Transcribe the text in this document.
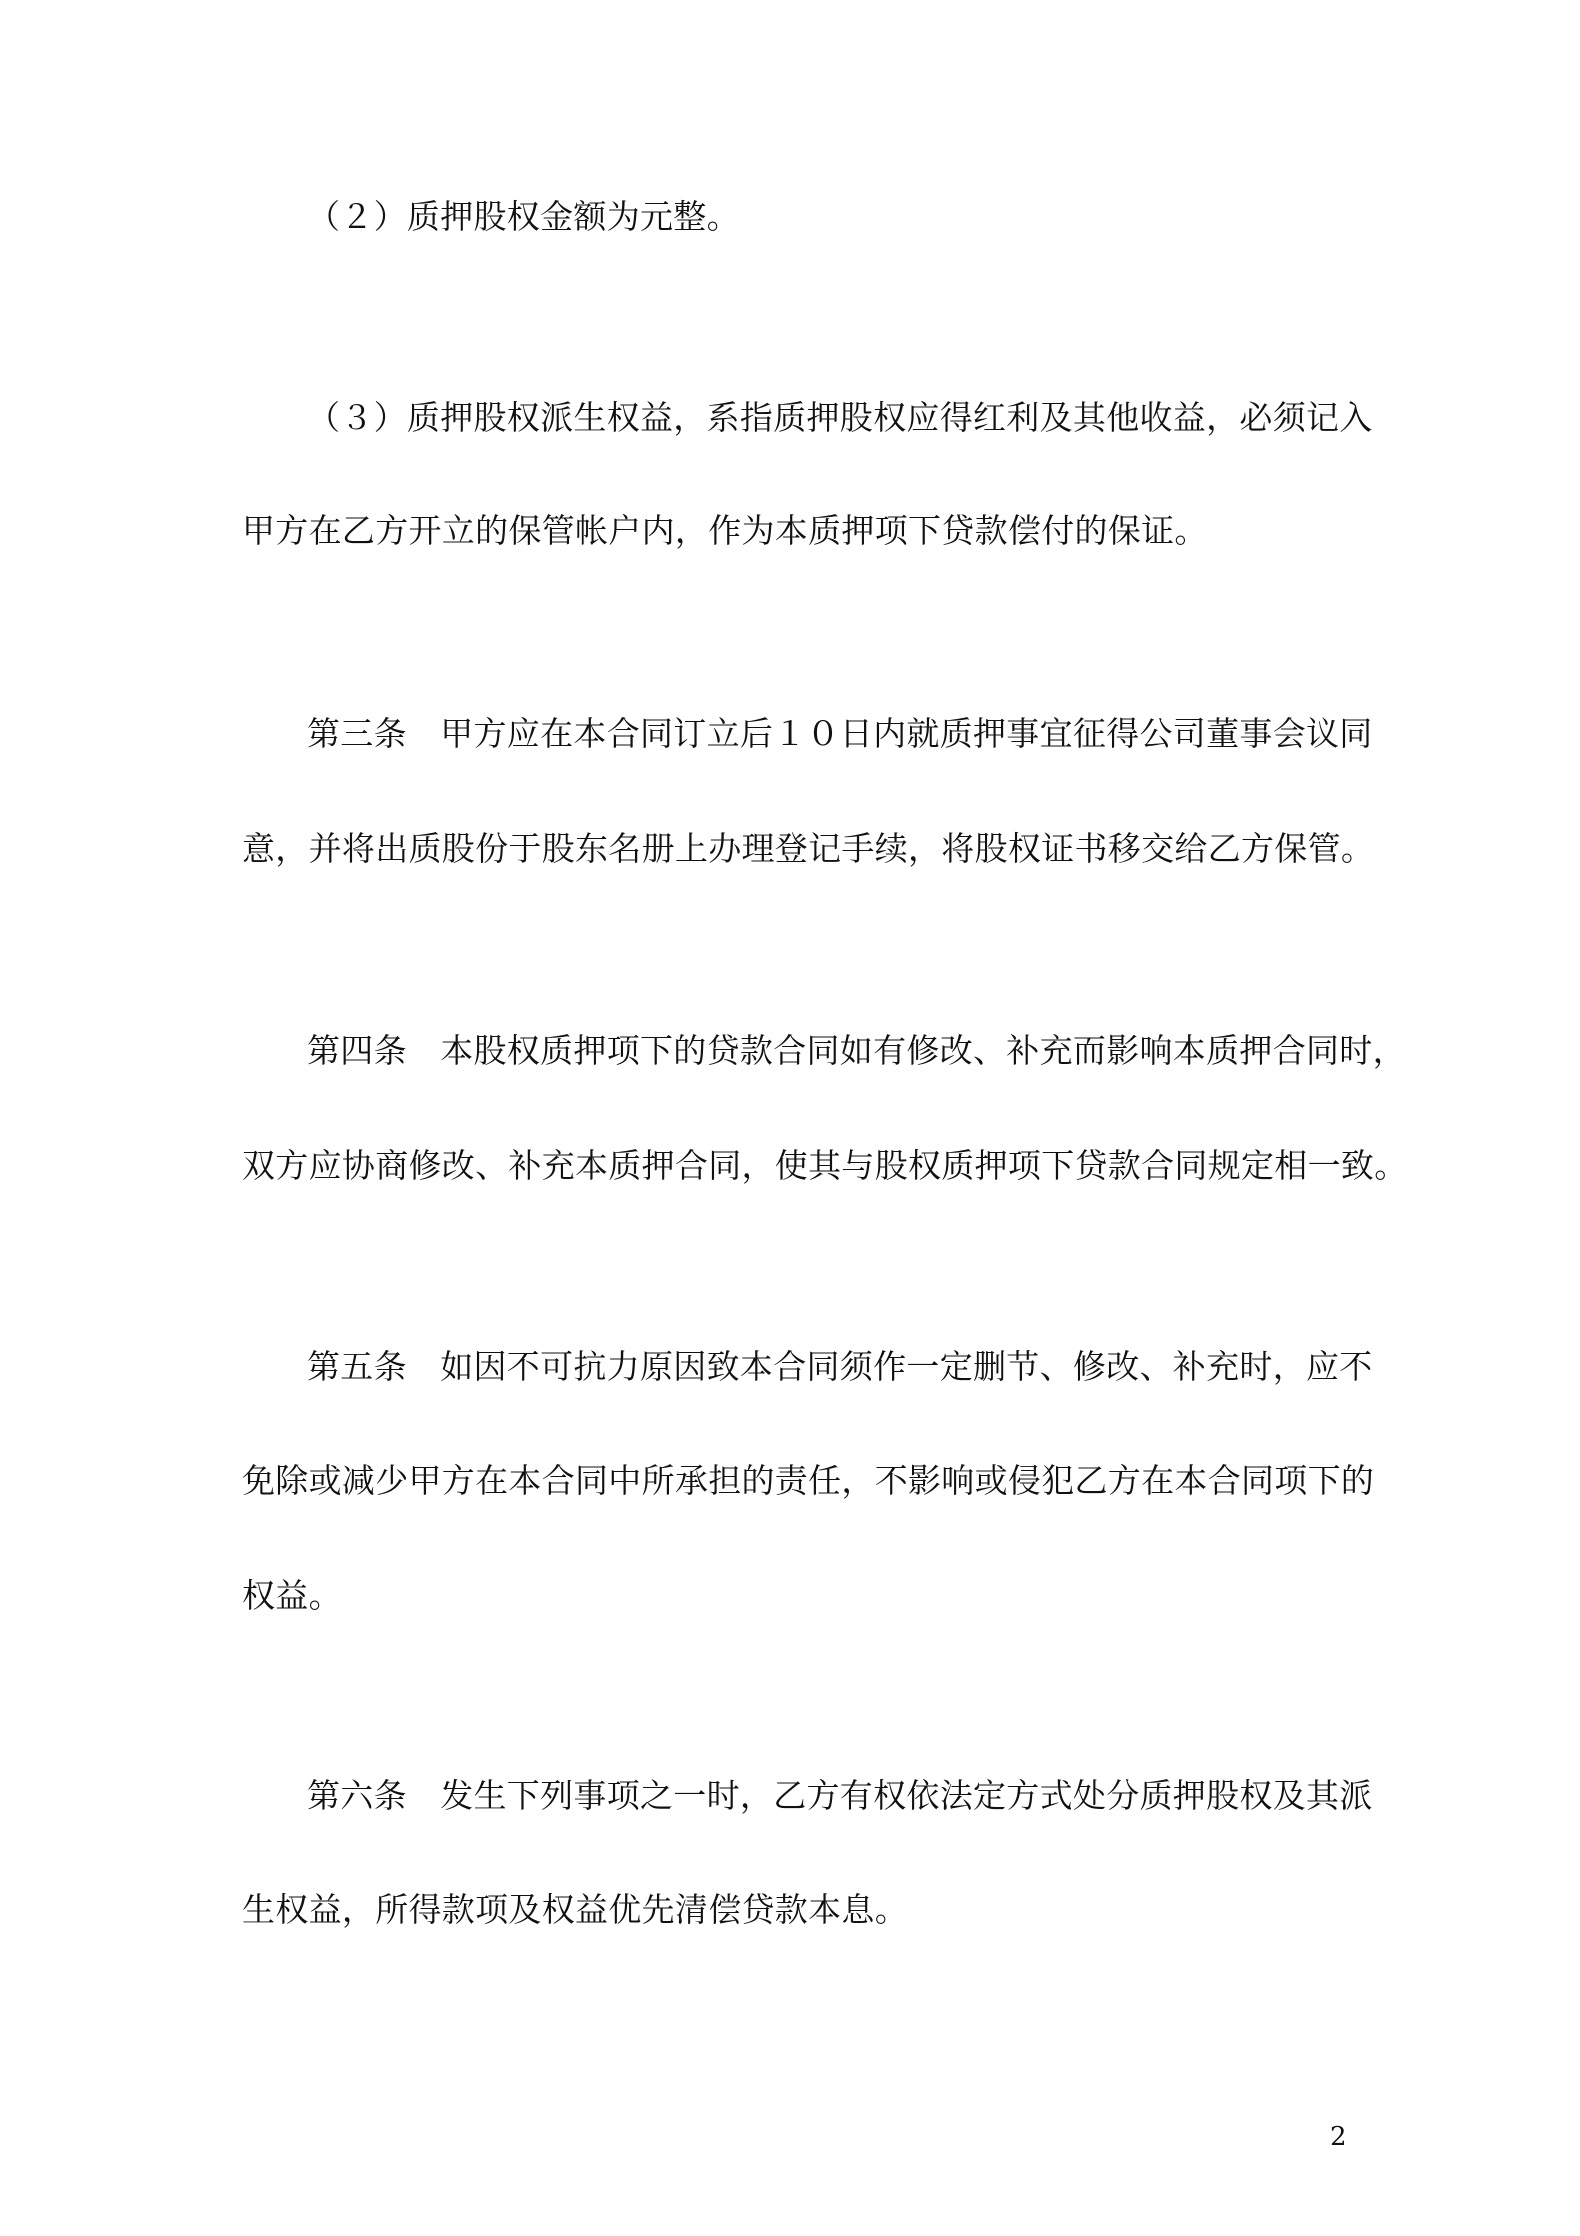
（２）质押股权金额为元整。
（３）质押股权派生权益，系指质押股权应得红利及其他收益，必须记入
甲方在乙方开立的保管帐户内，作为本质押项下贷款偿付的保证。
第三条　甲方应在本合同订立后１０日内就质押事宜征得公司董事会议同
意，并将出质股份于股东名册上办理登记手续，将股权证书移交给乙方保管。
第四条　本股权质押项下的贷款合同如有修改、补充而影响本质押合同时，
双方应协商修改、补充本质押合同，使其与股权质押项下贷款合同规定相一致。
第五条　如因不可抗力原因致本合同须作一定删节、修改、补充时，应不
免除或减少甲方在本合同中所承担的责任，不影响或侵犯乙方在本合同项下的
权益。
第六条　发生下列事项之一时，乙方有权依法定方式处分质押股权及其派
生权益，所得款项及权益优先清偿贷款本息。
2
